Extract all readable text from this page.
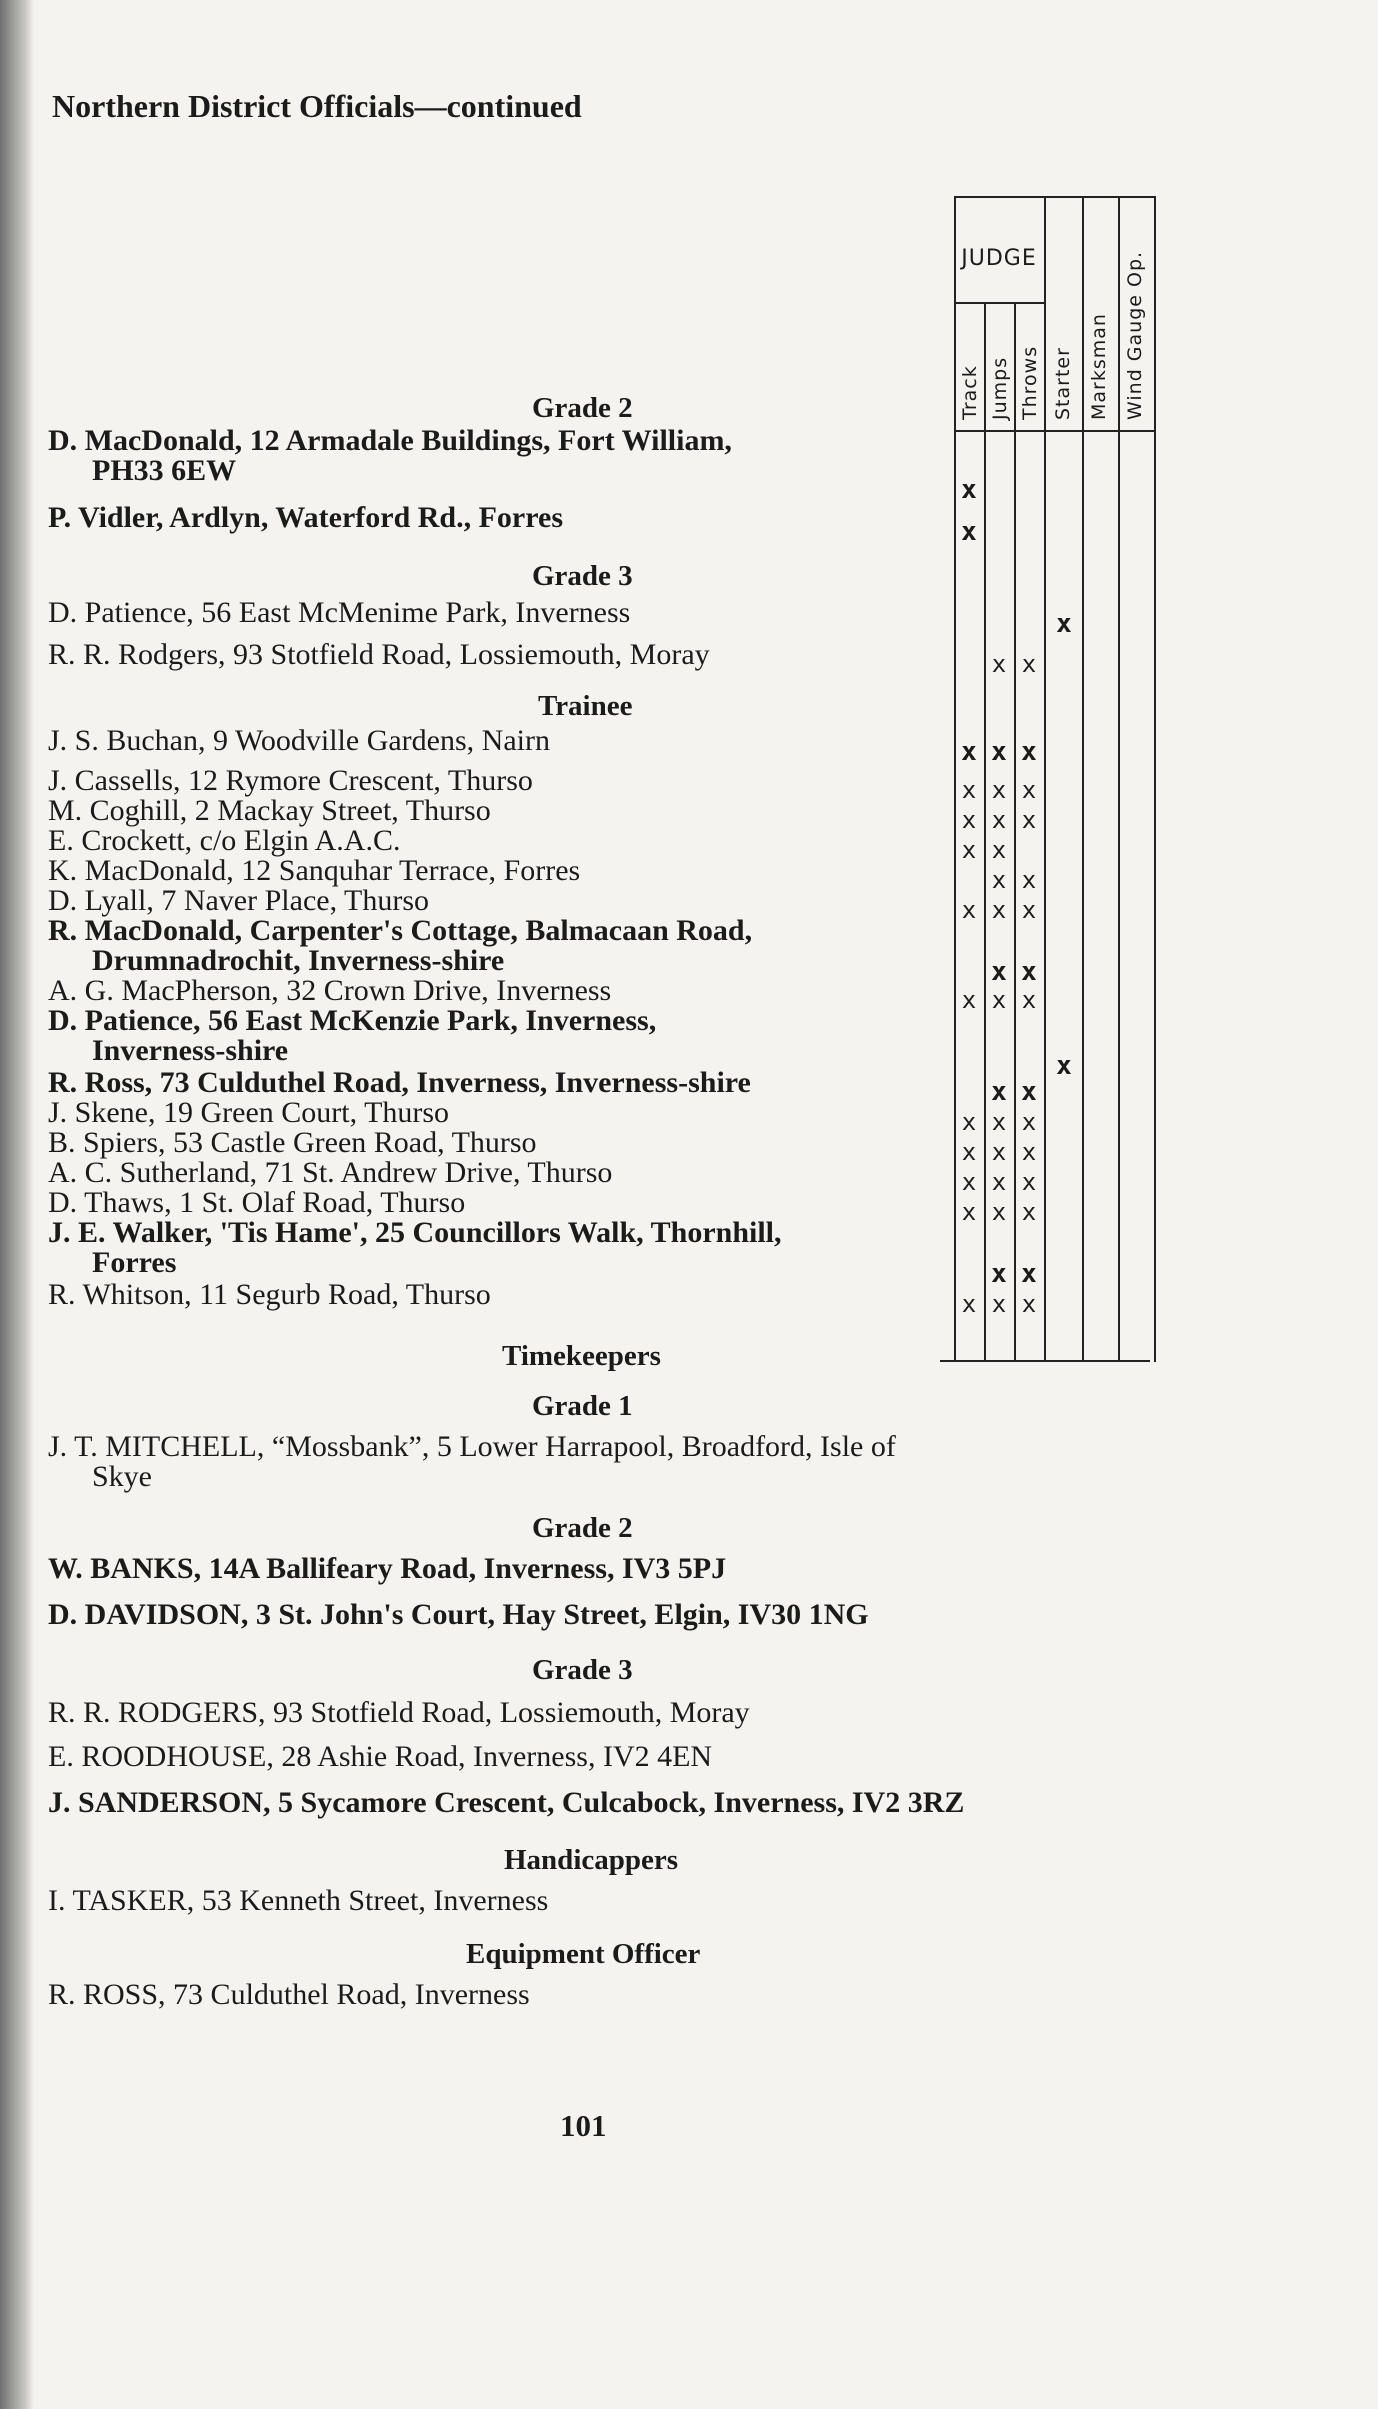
Northern District Officials—continued
JUDGE
Track Jumps Throws Starter Marksman Wind Gauge Op.
x
x
x
x x
x x x
x x x
x x x
x x
x x
x x x
x x
x x x
x
x x
x x x
x x x
x x x
x x x
x x
x x x
Grade 2
D. MacDonald, 12 Armadale Buildings, Fort William,
PH33 6EW
P. Vidler, Ardlyn, Waterford Rd., Forres
Grade 3
D. Patience, 56 East McMenime Park, Inverness
R. R. Rodgers, 93 Stotfield Road, Lossiemouth, Moray
Trainee
J. S. Buchan, 9 Woodville Gardens, Nairn
J. Cassells, 12 Rymore Crescent, Thurso
M. Coghill, 2 Mackay Street, Thurso
E. Crockett, c/o Elgin A.A.C.
K. MacDonald, 12 Sanquhar Terrace, Forres
D. Lyall, 7 Naver Place, Thurso
R. MacDonald, Carpenter's Cottage, Balmacaan Road,
Drumnadrochit, Inverness-shire
A. G. MacPherson, 32 Crown Drive, Inverness
D. Patience, 56 East McKenzie Park, Inverness,
Inverness-shire
R. Ross, 73 Culduthel Road, Inverness, Inverness-shire
J. Skene, 19 Green Court, Thurso
B. Spiers, 53 Castle Green Road, Thurso
A. C. Sutherland, 71 St. Andrew Drive, Thurso
D. Thaws, 1 St. Olaf Road, Thurso
J. E. Walker, 'Tis Hame', 25 Councillors Walk, Thornhill,
Forres
R. Whitson, 11 Segurb Road, Thurso
Timekeepers
Grade 1
J. T. MITCHELL, “Mossbank”, 5 Lower Harrapool, Broadford, Isle of
Skye
Grade 2
W. BANKS, 14A Ballifeary Road, Inverness, IV3 5PJ
D. DAVIDSON, 3 St. John's Court, Hay Street, Elgin, IV30 1NG
Grade 3
R. R. RODGERS, 93 Stotfield Road, Lossiemouth, Moray
E. ROODHOUSE, 28 Ashie Road, Inverness, IV2 4EN
J. SANDERSON, 5 Sycamore Crescent, Culcabock, Inverness, IV2 3RZ
Handicappers
I. TASKER, 53 Kenneth Street, Inverness
Equipment Officer
R. ROSS, 73 Culduthel Road, Inverness
101
